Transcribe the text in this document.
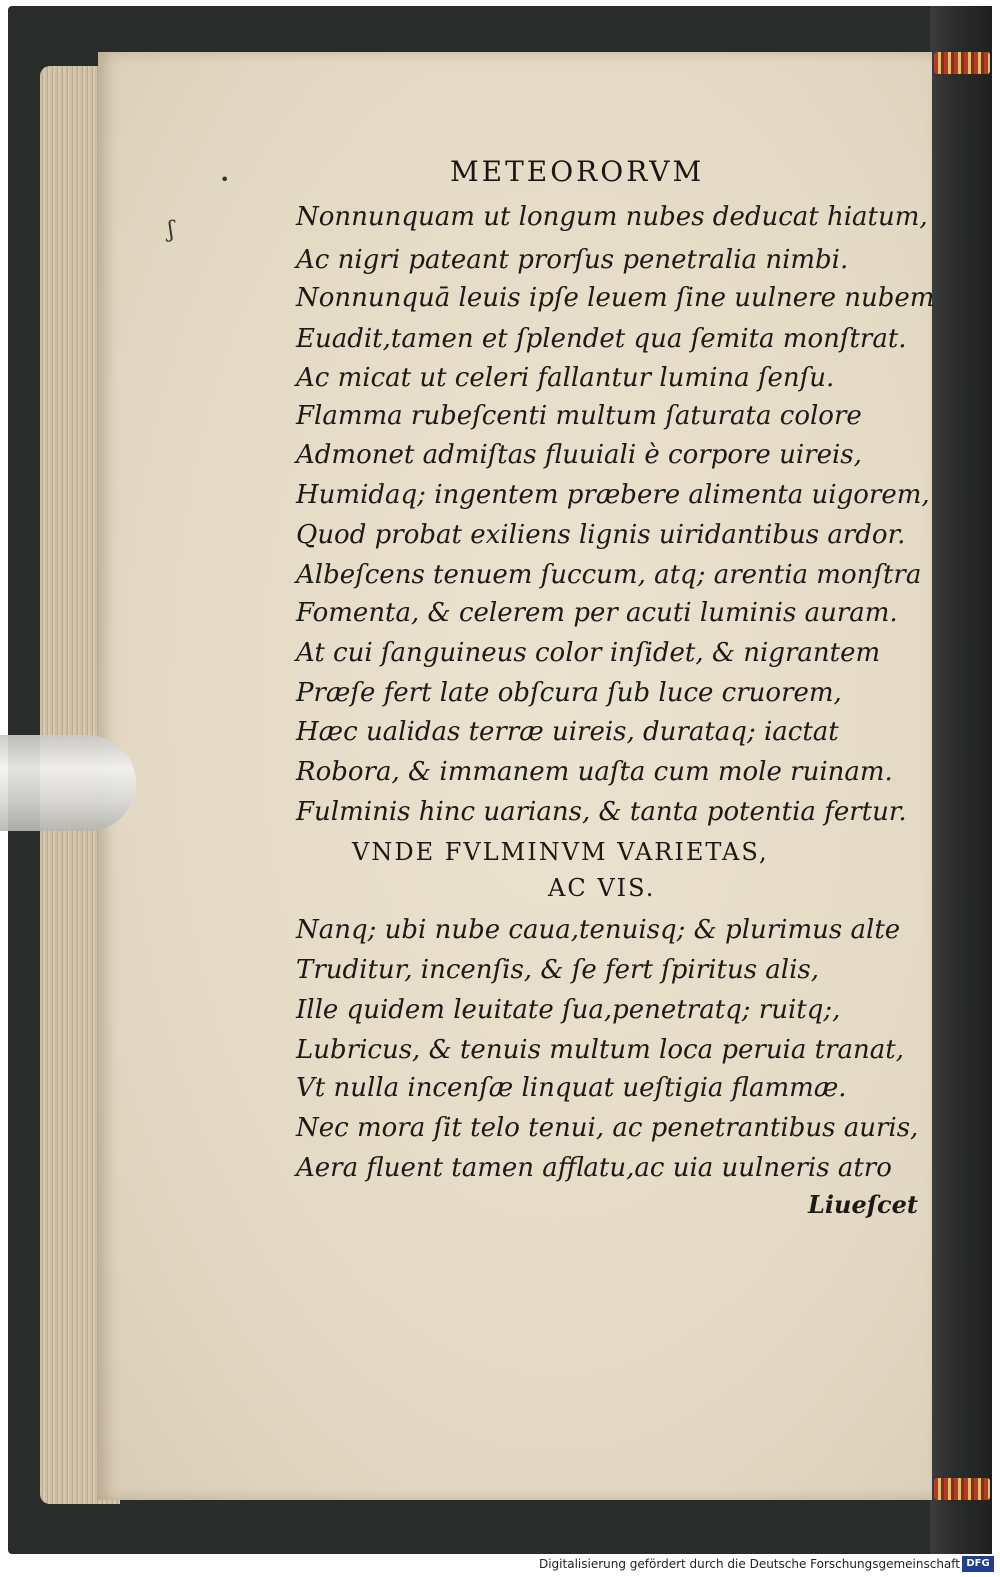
•
ʃ
METEORORVM
Nonnunquam ut longum nubes deducat hiatum,
Ac nigri pateant prorſus penetralia nimbi.
Nonnunquā leuis ipſe leuem ſine uulnere nubem
Euadit,tamen et ſplendet qua ſemita monſtrat.
Ac micat ut celeri fallantur lumina ſenſu.
Flamma rubeſcenti multum ſaturata colore
Admonet admiſtas fluuiali è corpore uireis,
Humidaq; ingentem præbere alimenta uigorem,
Quod probat exiliens lignis uiridantibus ardor.
Albeſcens tenuem ſuccum, atq; arentia monſtra
Fomenta, & celerem per acuti luminis auram.
At cui ſanguineus color inſidet, & nigrantem
Præſe fert late obſcura ſub luce cruorem,
Hæc ualidas terræ uireis, durataq; iactat
Robora, & immanem uaſta cum mole ruinam.
Fulminis hinc uarians, & tanta potentia fertur.
VNDE FVLMINVM VARIETAS,
AC VIS.
Nanq; ubi nube caua,tenuisq; & plurimus alte
Truditur, incenſis, & ſe fert ſpiritus alis,
Ille quidem leuitate ſua,penetratq; ruitq;,
Lubricus, & tenuis multum loca peruia tranat,
Vt nulla incenſæ linquat ueſtigia flammæ.
Nec mora ſit telo tenui, ac penetrantibus auris,
Aera fluent tamen afflatu,ac uia uulneris atro
Liueſcet
Digitalisierung gefördert durch die Deutsche Forschungsgemeinschaft DFG
